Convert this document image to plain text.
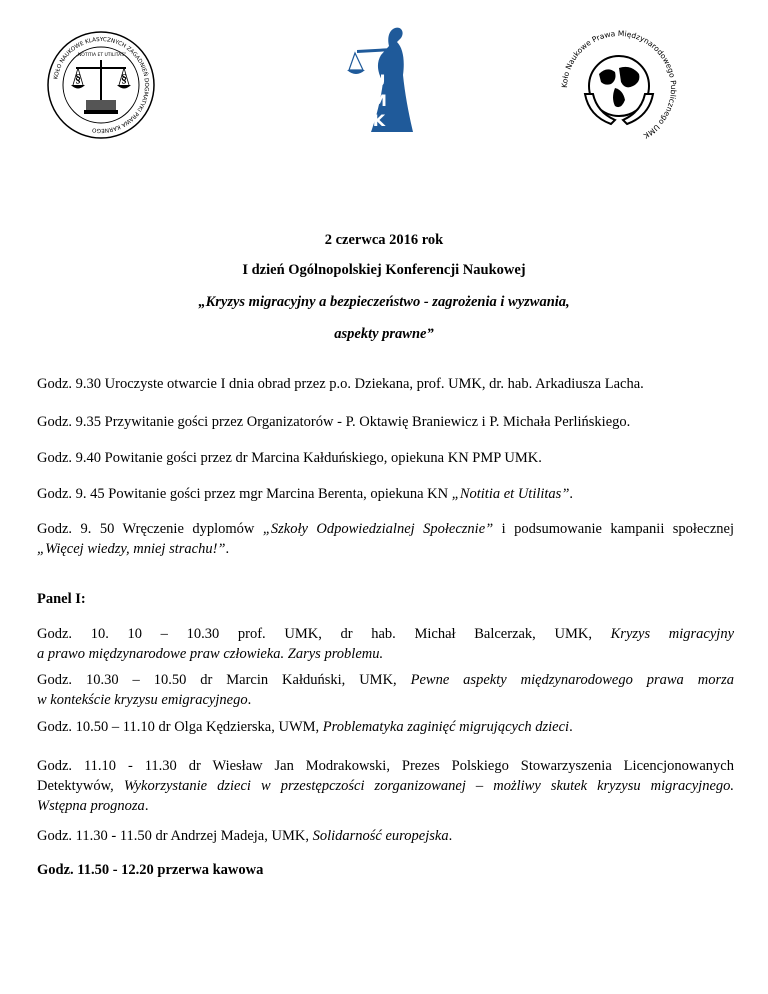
KOŁO NAUKOWE KLASYCZNYCH ZAGADNIEŃ DOGMATYKI PRAWA KARNEGO
„NOTITIA ET UTILITAS”
§	§	U
M
K
Koło Naukowe Prawa Międzynarodowego Publicznego UMK
2 czerwca 2016 rok
I dzień Ogólnopolskiej Konferencji Naukowej
„Kryzys migracyjny a bezpieczeństwo - zagrożenia i wyzwania,
aspekty prawne”
Godz. 9.30 Uroczyste otwarcie I dnia obrad przez p.o. Dziekana, prof. UMK, dr. hab. Arkadiusza Lacha.
Godz. 9.35 Przywitanie gości przez Organizatorów - P. Oktawię Braniewicz i P. Michała Perlińskiego.
Godz. 9.40 Powitanie gości przez dr Marcina Kałduńskiego, opiekuna KN PMP UMK.
Godz. 9. 45 Powitanie gości przez mgr Marcina Berenta, opiekuna KN „Notitia et Utilitas”.
Godz. 9. 50 Wręczenie dyplomów „Szkoły Odpowiedzialnej Społecznie” i podsumowanie kampanii społecznej
„Więcej wiedzy, mniej strachu!”.
Panel I:
Godz. 10. 10 – 10.30 prof. UMK, dr hab. Michał Balcerzak, UMK, Kryzys migracyjny
a prawo międzynarodowe praw człowieka. Zarys problemu.
Godz. 10.30 – 10.50 dr Marcin Kałduński, UMK, Pewne aspekty międzynarodowego prawa morza
w kontekście kryzysu emigracyjnego.
Godz. 10.50 – 11.10 dr Olga Kędzierska, UWM, Problematyka zaginięć migrujących dzieci.
Godz. 11.10 - 11.30 dr Wiesław Jan Modrakowski, Prezes Polskiego Stowarzyszenia Licencjonowanych
Detektywów, Wykorzystanie dzieci w przestępczości zorganizowanej – możliwy skutek kryzysu migracyjnego.
Wstępna prognoza.
Godz. 11.30 - 11.50 dr Andrzej Madeja, UMK, Solidarność europejska.
Godz. 11.50 - 12.20 przerwa kawowa
